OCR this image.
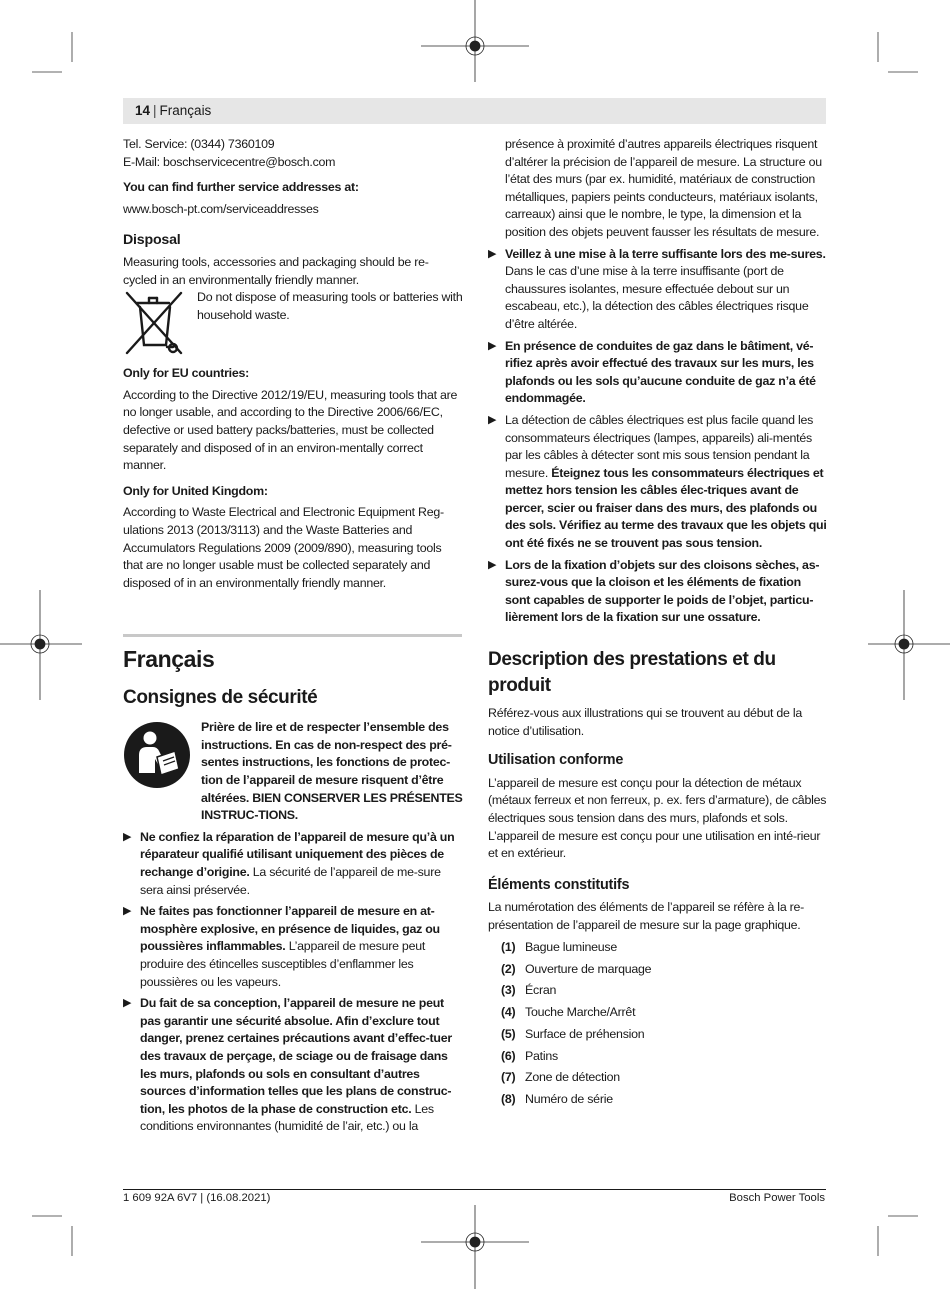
14 | Français

Tel. Service: (0344) 7360109

E-Mail: boschservicecentre@bosch.com

You can find further service addresses at:

www.bosch-pt.com/serviceaddresses

Disposal

Measuring tools, accessories and packaging should be re-

cycled in an environmentally friendly manner.

Do not dispose of measuring tools or batteries with household waste.

Only for EU countries:

According to the Directive 2012/19/EU, measuring tools that are no longer usable, and according to the Directive 2006/66/EC, defective or used battery packs/batteries, must be collected separately and disposed of in an environ-mentally correct manner.

Only for United Kingdom:

According to Waste Electrical and Electronic Equipment Reg-ulations 2013 (2013/3113) and the Waste Batteries and Accumulators Regulations 2009 (2009/890), measuring tools that are no longer usable must be collected separately and disposed of in an environmentally friendly manner.

Français
Consignes de sécurité

Prière de lire et de respecter l’ensemble des instructions. En cas de non-respect des pré-sentes instructions, les fonctions de protec-tion de l’appareil de mesure risquent d’être altérées. BIEN CONSERVER LES PRÉSENTES INSTRUC-TIONS.

▶ Ne confiez la réparation de l’appareil de mesure qu’à un réparateur qualifié utilisant uniquement des pièces de rechange d’origine. La sécurité de l’appareil de me-sure sera ainsi préservée.
▶ Ne faites pas fonctionner l’appareil de mesure en at-mosphère explosive, en présence de liquides, gaz ou poussières inflammables. L’appareil de mesure peut produire des étincelles susceptibles d’enflammer les poussières ou les vapeurs.
▶ Du fait de sa conception, l’appareil de mesure ne peut pas garantir une sécurité absolue. Afin d’exclure tout danger, prenez certaines précautions avant d’effec-tuer des travaux de perçage, de sciage ou de fraisage dans les murs, plafonds ou sols en consultant d’autres sources d’information telles que les plans de construc-tion, les photos de la phase de construction etc. Les conditions environnantes (humidité de l’air, etc.) ou la

présence à proximité d’autres appareils électriques risquent d’altérer la précision de l’appareil de mesure. La structure ou l’état des murs (par ex. humidité, matériaux de construction métalliques, papiers peints conducteurs, matériaux isolants, carreaux) ainsi que le nombre, le type, la dimension et la position des objets peuvent fausser les résultats de mesure.

▶ Veillez à une mise à la terre suffisante lors des me-sures. Dans le cas d’une mise à la terre insuffisante (port de chaussures isolantes, mesure effectuée debout sur un escabeau, etc.), la détection des câbles électriques risque d’être altérée.
▶ En présence de conduites de gaz dans le bâtiment, vé-rifiez après avoir effectué des travaux sur les murs, les plafonds ou les sols qu’aucune conduite de gaz n’a été endommagée.
▶ La détection de câbles électriques est plus facile quand les consommateurs électriques (lampes, appareils) ali-mentés par les câbles à détecter sont mis sous tension pendant la mesure. Éteignez tous les consommateurs électriques et mettez hors tension les câbles élec-triques avant de percer, scier ou fraiser dans des murs, des plafonds ou des sols. Vérifiez au terme des travaux que les objets qui ont été fixés ne se trouvent pas sous tension.
▶ Lors de la fixation d’objets sur des cloisons sèches, as-surez-vous que la cloison et les éléments de fixation sont capables de supporter le poids de l’objet, particu-lièrement lors de la fixation sur une ossature.
Description des prestations et du produit

Référez-vous aux illustrations qui se trouvent au début de la notice d’utilisation.

Utilisation conforme

L’appareil de mesure est conçu pour la détection de métaux (métaux ferreux et non ferreux, p. ex. fers d’armature), de câbles électriques sous tension dans des murs, plafonds et sols.

L’appareil de mesure est conçu pour une utilisation en inté-rieur et en extérieur.

Éléments constitutifs

La numérotation des éléments de l’appareil se réfère à la re-présentation de l’appareil de mesure sur la page graphique.

(1) Bague lumineuse
(2) Ouverture de marquage
(3) Écran
(4) Touche Marche/Arrêt
(5) Surface de préhension
(6) Patins
(7) Zone de détection
(8) Numéro de série
1 609 92A 6V7 | (16.08.2021)	Bosch Power Tools
